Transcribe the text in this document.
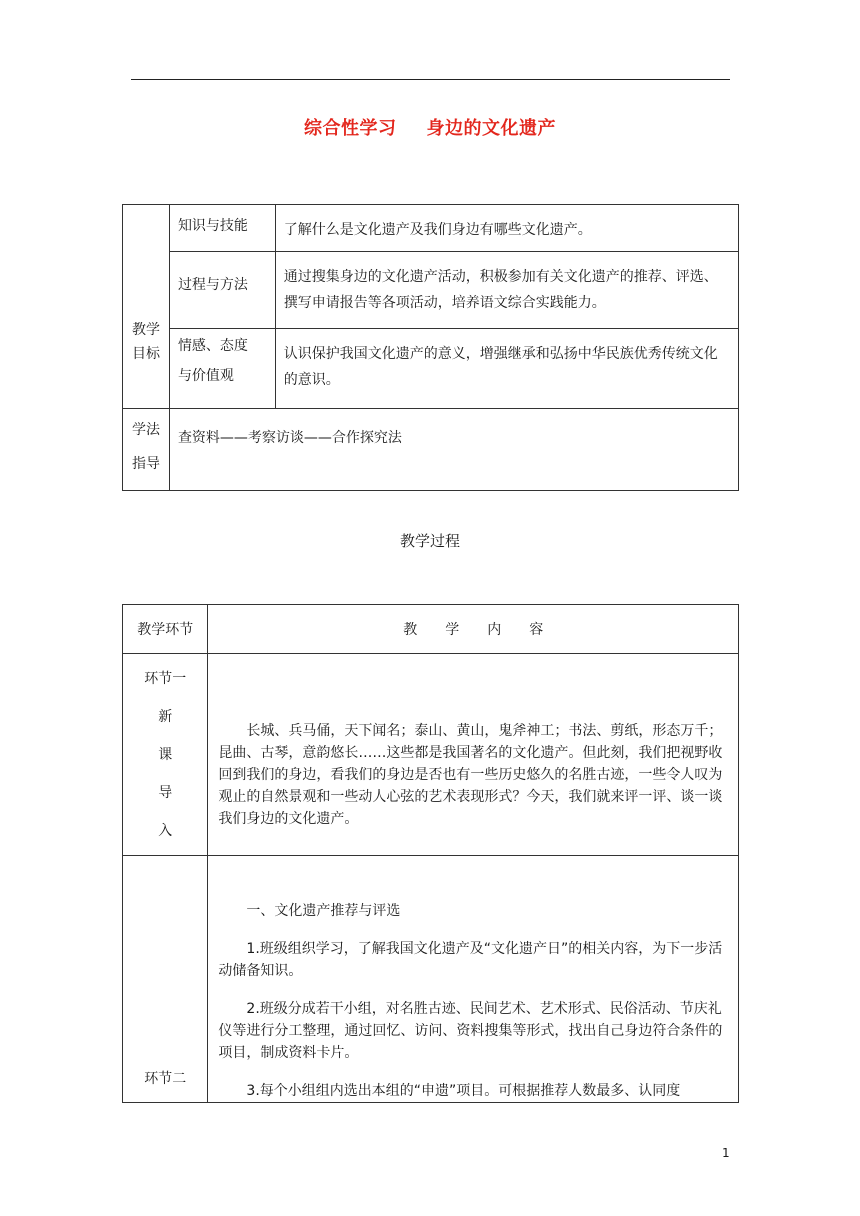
综合性学习 身边的文化遗产
教学
目标	知识与技能	了解什么是文化遗产及我们身边有哪些文化遗产。
	过程与方法	通过搜集身边的文化遗产活动，积极参加有关文化遗产的推荐、评选、撰写申请报告等各项活动，培养语文综合实践能力。

	情感、态度
与价值观	认识保护我国文化遗产的意义，增强继承和弘扬中华民族优秀传统文化的意识。

学法
指导	查资料——考察访谈——合作探究法	
教学过程
教学环节	教 学 内 容

环节一
新
课
导
入	长城、兵马俑，天下闻名；泰山、黄山，鬼斧神工；书法、剪纸，形态万千；昆曲、古琴，意韵悠长……这些都是我国著名的文化遗产。但此刻，我们把视野收回到我们的身边，看我们的身边是否也有一些历史悠久的名胜古迹，一些令人叹为观止的自然景观和一些动人心弦的艺术表现形式？今天，我们就来评一评、谈一谈我们身边的文化遗产。

环节二	一、文化遗产推荐与评选

1.班级组织学习，了解我国文化遗产及“文化遗产日”的相关内容，为下一步活动储备知识。

2.班级分成若干小组，对名胜古迹、民间艺术、艺术形式、民俗活动、节庆礼仪等进行分工整理，通过回忆、访问、资料搜集等形式，找出自己身边符合条件的项目，制成资料卡片。

3.每个小组组内选出本组的“申遗”项目。可根据推荐人数最多、认同度

1
